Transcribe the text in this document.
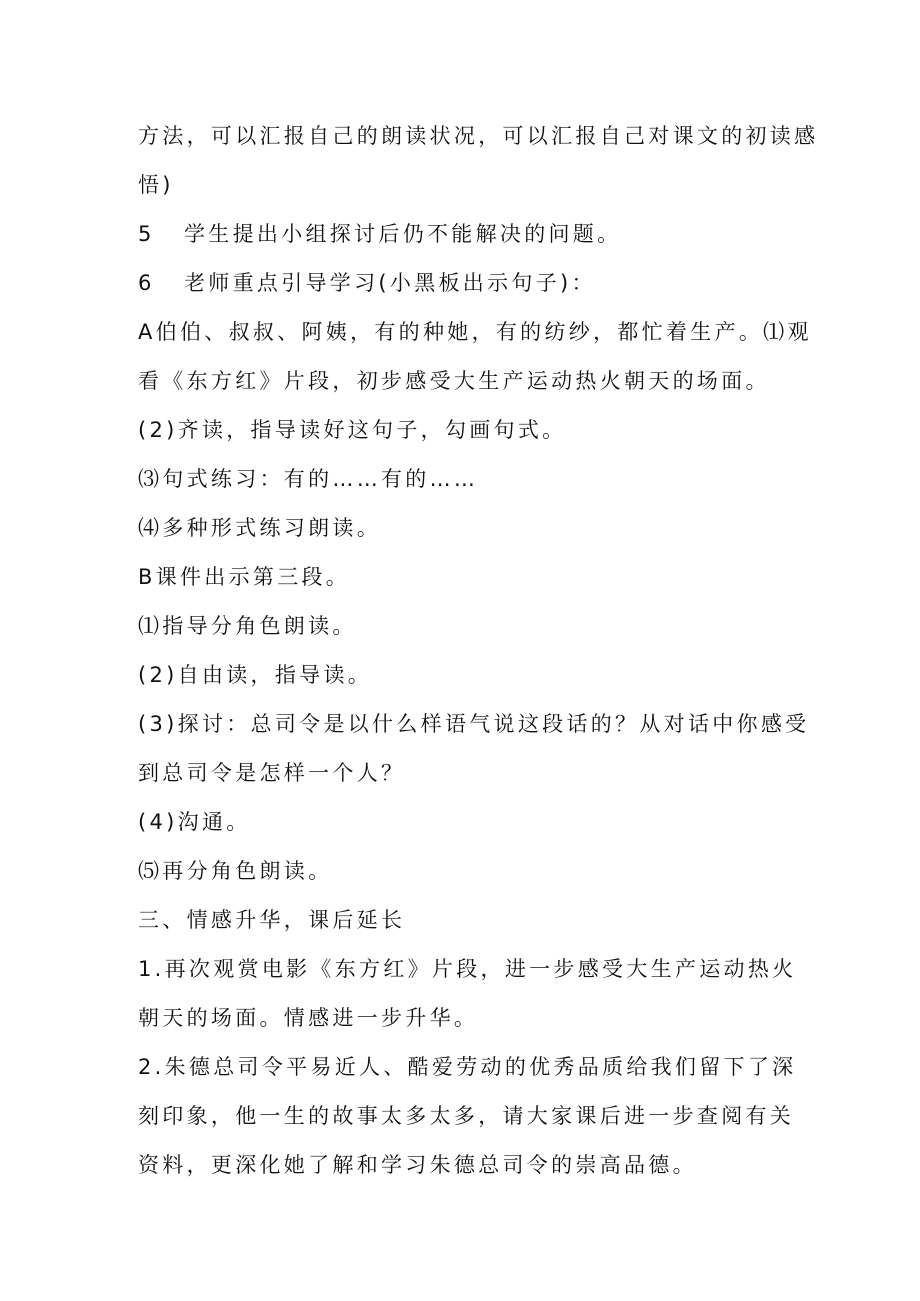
方法，可以汇报自己的朗读状况，可以汇报自己对课文的初读感
悟)
5 学生提出小组探讨后仍不能解决的问题。
6 老师重点引导学习(小黑板出示句子)：
A伯伯、叔叔、阿姨，有的种她，有的纺纱，都忙着生产。⑴观
看《东方红》片段，初步感受大生产运动热火朝天的场面。
(2)齐读，指导读好这句子，勾画句式。
⑶句式练习：有的……有的……
⑷多种形式练习朗读。
B课件出示第三段。
⑴指导分角色朗读。
(2)自由读，指导读。
(3)探讨：总司令是以什么样语气说这段话的？从对话中你感受
到总司令是怎样一个人？
(4)沟通。
⑸再分角色朗读。
三、情感升华，课后延长
1.再次观赏电影《东方红》片段，进一步感受大生产运动热火
朝天的场面。情感进一步升华。
2.朱德总司令平易近人、酷爱劳动的优秀品质给我们留下了深
刻印象，他一生的故事太多太多，请大家课后进一步查阅有关
资料，更深化她了解和学习朱德总司令的崇高品德。
